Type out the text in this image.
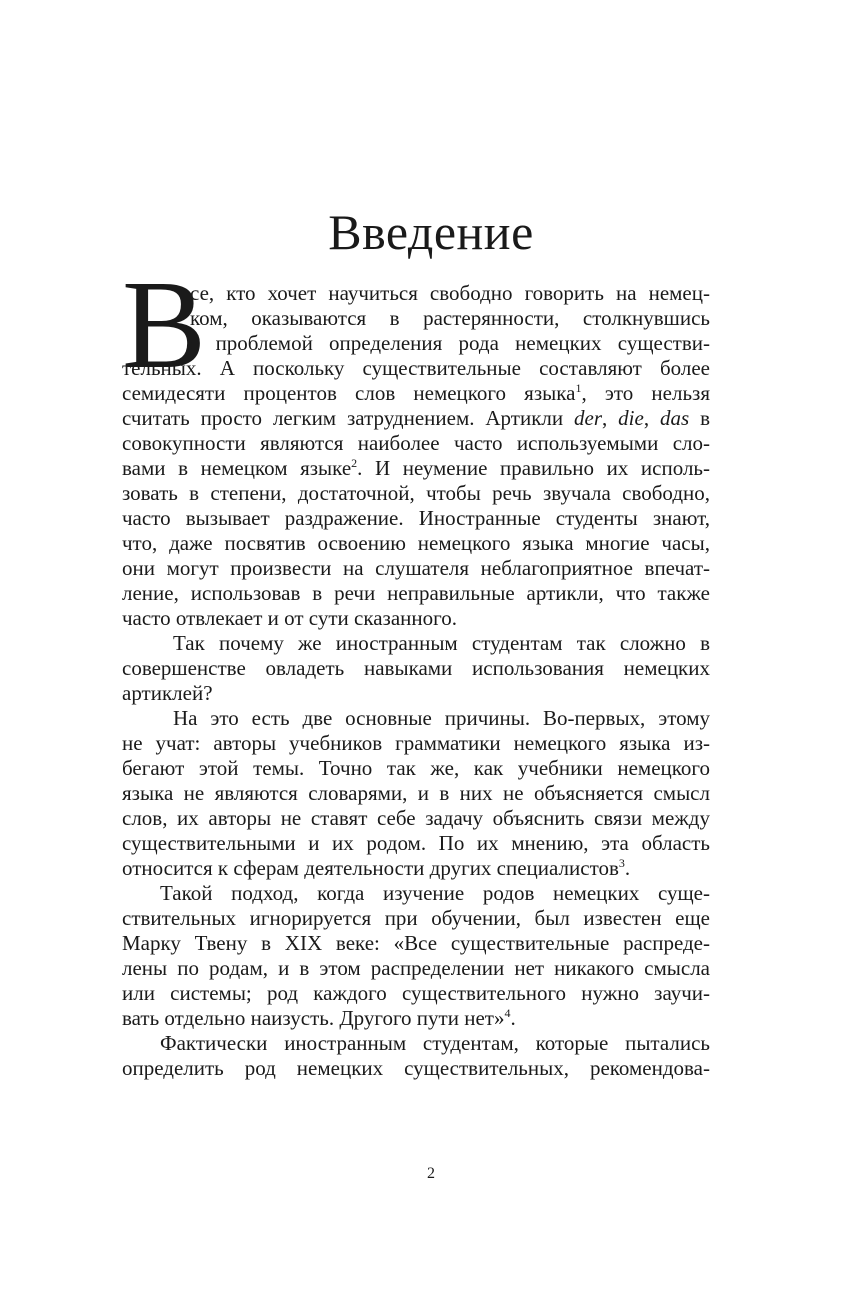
Введение
В
се, кто хочет научиться свободно говорить на немец-
ком, оказываются в растерянности, столкнувшись
с проблемой определения рода немецких существи-
тельных. А поскольку существительные составляют более
семидесяти процентов слов немецкого языка$^1$, это нельзя
считать просто легким затруднением. Артикли der, die, das в
совокупности являются наиболее часто используемыми сло-
вами в немецком языке$^2$. И неумение правильно их исполь-
зовать в степени, достаточной, чтобы речь звучала свободно,
часто вызывает раздражение. Иностранные студенты знают,
что, даже посвятив освоению немецкого языка многие часы,
они могут произвести на слушателя неблагоприятное впечат-
ление, использовав в речи неправильные артикли, что также
часто отвлекает и от сути сказанного.
Так почему же иностранным студентам так сложно в
совершенстве овладеть навыками использования немецких
артиклей?
На это есть две основные причины. Во-первых, этому
не учат: авторы учебников грамматики немецкого языка из-
бегают этой темы. Точно так же, как учебники немецкого
языка не являются словарями, и в них не объясняется смысл
слов, их авторы не ставят себе задачу объяснить связи между
существительными и их родом. По их мнению, эта область
относится к сферам деятельности других специалистов$^3$.
Такой подход, когда изучение родов немецких суще-
ствительных игнорируется при обучении, был известен еще
Марку Твену в XIX веке: «Все существительные распреде-
лены по родам, и в этом распределении нет никакого смысла
или системы; род каждого существительного нужно заучи-
вать отдельно наизусть. Другого пути нет»$^4$.
Фактически иностранным студентам, которые пытались
определить род немецких существительных, рекомендова-
2
